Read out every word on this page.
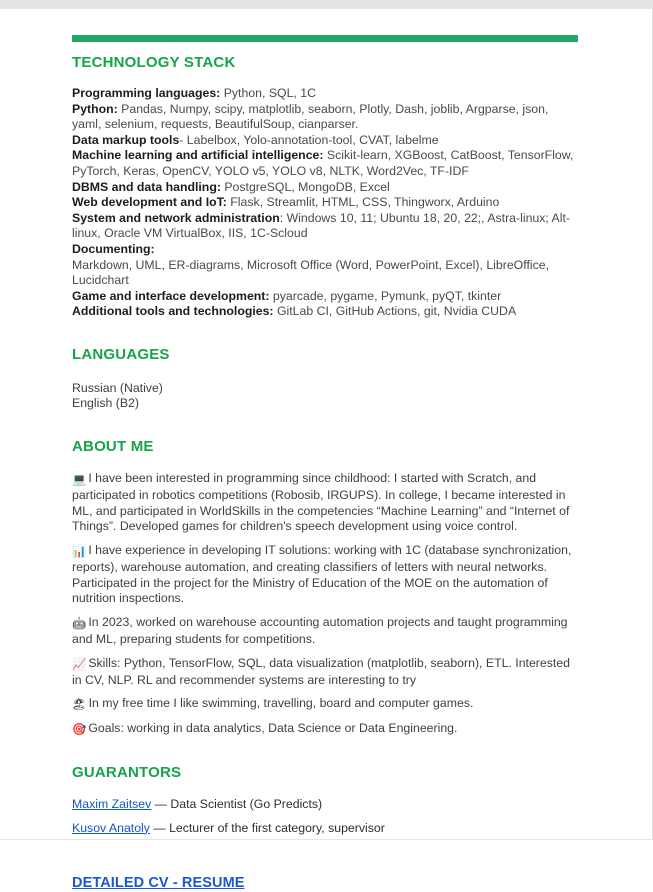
TECHNOLOGY STACK

Programming languages: Python, SQL, 1C

Python: Pandas, Numpy, scipy, matplotlib, seaborn, Plotly, Dash, joblib, Argparse, json, yaml, selenium, requests, BeautifulSoup, cianparser.

Data markup tools- Labelbox, Yolo-annotation-tool, CVAT, labelme

Machine learning and artificial intelligence: Scikit-learn, XGBoost, CatBoost, TensorFlow, PyTorch, Keras, OpenCV, YOLO v5, YOLO v8, NLTK, Word2Vec, TF-IDF

DBMS and data handling: PostgreSQL, MongoDB, Excel

Web development and IoT: Flask, Streamlit, HTML, CSS, Thingworx, Arduino

System and network administration: Windows 10, 11; Ubuntu 18, 20, 22;, Astra-linux; Alt-linux, Oracle VM VirtualBox, IIS, 1C-Scloud

Documenting:

Markdown, UML, ER-diagrams, Microsoft Office (Word, PowerPoint, Excel), LibreOffice, Lucidchart

Game and interface development: pyarcade, pygame, Pymunk, pyQT, tkinter

Additional tools and technologies: GitLab CI, GitHub Actions, git, Nvidia CUDA

LANGUAGES
Russian (Native)
English (B2)
ABOUT ME

💻 I have been interested in programming since childhood: I started with Scratch, and participated in robotics competitions (Robosib, IRGUPS). In college, I became interested in ML, and participated in WorldSkills in the competencies “Machine Learning” and “Internet of Things”. Developed games for children's speech development using voice control.

📊 I have experience in developing IT solutions: working with 1C (database synchronization, reports), warehouse automation, and creating classifiers of letters with neural networks. Participated in the project for the Ministry of Education of the MOE on the automation of nutrition inspections.

🤖 In 2023, worked on warehouse accounting automation projects and taught programming and ML, preparing students for competitions.

📈 Skills: Python, TensorFlow, SQL, data visualization (matplotlib, seaborn), ETL. Interested in CV, NLP. RL and recommender systems are interesting to try

🏖 In my free time I like swimming, travelling, board and computer games.

🎯 Goals: working in data analytics, Data Science or Data Engineering.

GUARANTORS
Maxim Zaitsev — Data Scientist (Go Predicts)
Kusov Anatoly — Lecturer of the first category, supervisor
DETAILED CV - RESUME
